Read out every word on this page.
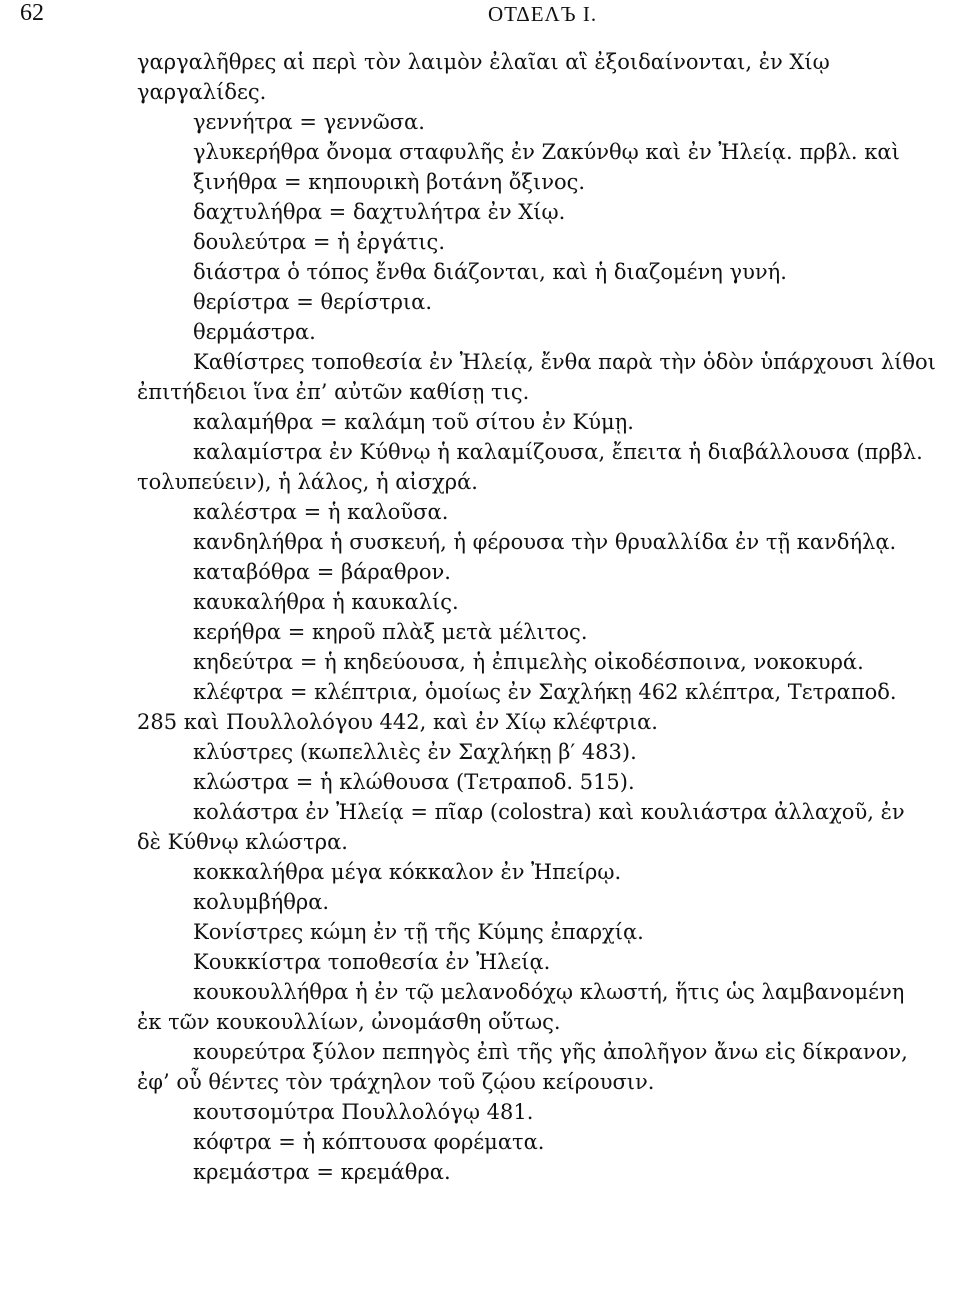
62	ΟΤΔΕΛЪ I.
γαργαλῆθρες αἱ περὶ τὸν λαιμὸν ἐλαῖαι αἳ ἐξοιδαίνονται, ἐν Χίῳ
γαργαλίδες.
γεννήτρα = γεννῶσα.
γλυκερήθρα ὄνομα σταφυλῆς ἐν Ζακύνθῳ καὶ ἐν Ἠλείᾳ. πρβλ. καὶ
ξινήθρα = κηπουρικὴ βοτάνη ὄξινος.
δαχτυλήθρα = δαχτυλήτρα ἐν Χίῳ.
δουλεύτρα = ἡ ἐργάτις.
διάστρα ὁ τόπος ἔνθα διάζονται, καὶ ἡ διαζομένη γυνή.
θερίστρα = θερίστρια.
θερμάστρα.
Καθίστρες τοποθεσία ἐν Ἠλείᾳ, ἔνθα παρὰ τὴν ὁδὸν ὑπάρχουσι λίθοι
ἐπιτήδειοι ἵνα ἐπ’ αὐτῶν καθίσῃ τις.
καλαμήθρα = καλάμη τοῦ σίτου ἐν Κύμῃ.
καλαμίστρα ἐν Κύθνῳ ἡ καλαμίζουσα, ἔπειτα ἡ διαβάλλουσα (πρβλ.
τολυπεύειν), ἡ λάλος, ἡ αἰσχρά.
καλέστρα = ἡ καλοῦσα.
κανδηλήθρα ἡ συσκευή, ἡ φέρουσα τὴν θρυαλλίδα ἐν τῇ κανδήλᾳ.
καταβόθρα = βάραθρον.
καυκαλήθρα ἡ καυκαλίς.
κερήθρα = κηροῦ πλὰξ μετὰ μέλιτος.
κηδεύτρα = ἡ κηδεύουσα, ἡ ἐπιμελὴς οἰκοδέσποινα, νοκοκυρά.
κλέφτρα = κλέπτρια, ὁμοίως ἐν Σαχλήκῃ 462 κλέπτρα, Τετραποδ.
285 καὶ Πουλλολόγου 442, καὶ ἐν Χίῳ κλέφτρια.
κλύστρες (κωπελλιὲς ἐν Σαχλήκῃ β′ 483).
κλώστρα = ἡ κλώθουσα (Τετραποδ. 515).
κολάστρα ἐν Ἠλείᾳ = πῖαρ (colostra) καὶ κουλιάστρα ἀλλαχοῦ, ἐν
δὲ Κύθνῳ κλώστρα.
κοκκαλήθρα μέγα κόκκαλον ἐν Ἠπείρῳ.
κολυμβήθρα.
Κονίστρες κώμη ἐν τῇ τῆς Κύμης ἐπαρχίᾳ.
Κουκκίστρα τοποθεσία ἐν Ἠλείᾳ.
κουκουλλήθρα ἡ ἐν τῷ μελανοδόχῳ κλωστή, ἥτις ὡς λαμβανομένη
ἐκ τῶν κουκουλλίων, ὠνομάσθη οὕτως.
κουρεύτρα ξύλον πεπηγὸς ἐπὶ τῆς γῆς ἀπολῆγον ἄνω εἰς δίκρανον,
ἐφ’ οὗ θέντες τὸν τράχηλον τοῦ ζῴου κείρουσιν.
κουτσομύτρα Πουλλολόγῳ 481.
κόφτρα = ἡ κόπτουσα φορέματα.
κρεμάστρα = κρεμάθρα.
